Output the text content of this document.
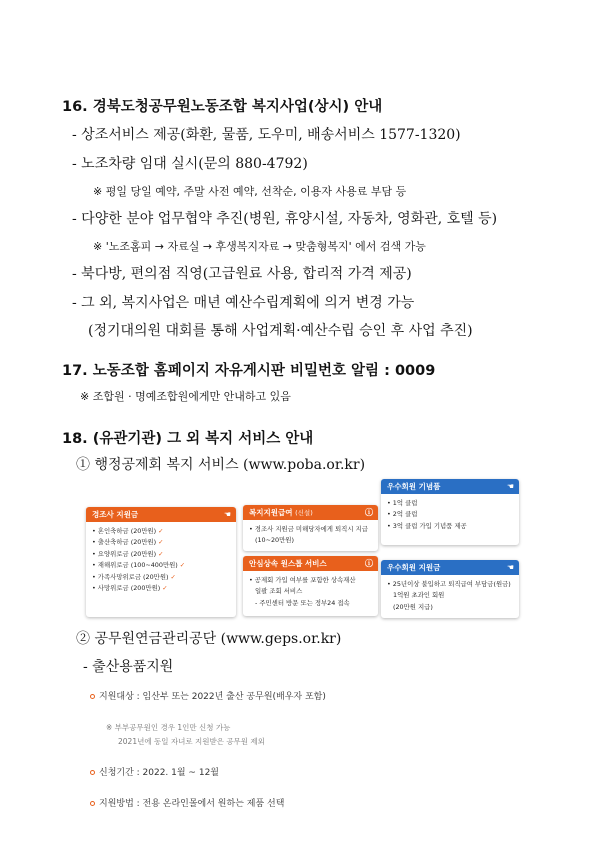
16. 경북도청공무원노동조합 복지사업(상시) 안내
- 상조서비스 제공(화환, 물품, 도우미, 배송서비스 1577-1320)
- 노조차량 임대 실시(문의 880-4792)
※ 평일 당일 예약, 주말 사전 예약, 선착순, 이용자 사용료 부담 등
- 다양한 분야 업무협약 추진(병원, 휴양시설, 자동차, 영화관, 호텔 등)
※ '노조홈피 → 자료실 → 후생복지자료 → 맞춤형복지' 에서 검색 가능
- 북다방, 편의점 직영(고급원료 사용, 합리적 가격 제공)
- 그 외, 복지사업은 매년 예산수립계획에 의거 변경 가능
(정기대의원 대회를 통해 사업계획·예산수립 승인 후 사업 추진)
17. 노동조합 홈페이지 자유게시판 비밀번호 알림 : 0009
※ 조합원 · 명예조합원에게만 안내하고 있음
18. (유관기관) 그 외 복지 서비스 안내
① 행정공제회 복지 서비스 (www.poba.or.kr)
경조사 지원금	☚
• 혼인축하금 (20만원) ✓
• 출산축하금 (20만원) ✓
• 요양위로금 (20만원) ✓
• 재해위로금 (100~400만원) ✓
• 가족사망위로금 (20만원) ✓
• 사망위로금 (200만원) ✓
복지지원급여 (신설)	ⓘ
• 경조사 지원금 미해당자에게 퇴직시 지급
(10~20만원)
안심상속 원스톱 서비스	ⓘ
• 공제회 가입 여부를 포함한 상속재산
일괄 조회 서비스
- 주민센터 방문 또는 정부24 접속
우수회원 기념품	☚
• 1억 클럽
• 2억 클럽
• 3억 클럽 가입 기념품 제공
우수회원 지원금	☚
• 25년이상 불입하고 퇴직급여 부담금(원금)
1억원 초과인 회원
(20만원 지급)
② 공무원연금관리공단 (www.geps.or.kr)
- 출산용품지원
지원대상 : 임산부 또는 2022년 출산 공무원(배우자 포함)
※ 부부공무원인 경우 1인만 신청 가능
2021년에 동일 자녀로 지원받은 공무원 제외
신청기간 : 2022. 1월 ~ 12월
지원방법 : 전용 온라인몰에서 원하는 제품 선택
